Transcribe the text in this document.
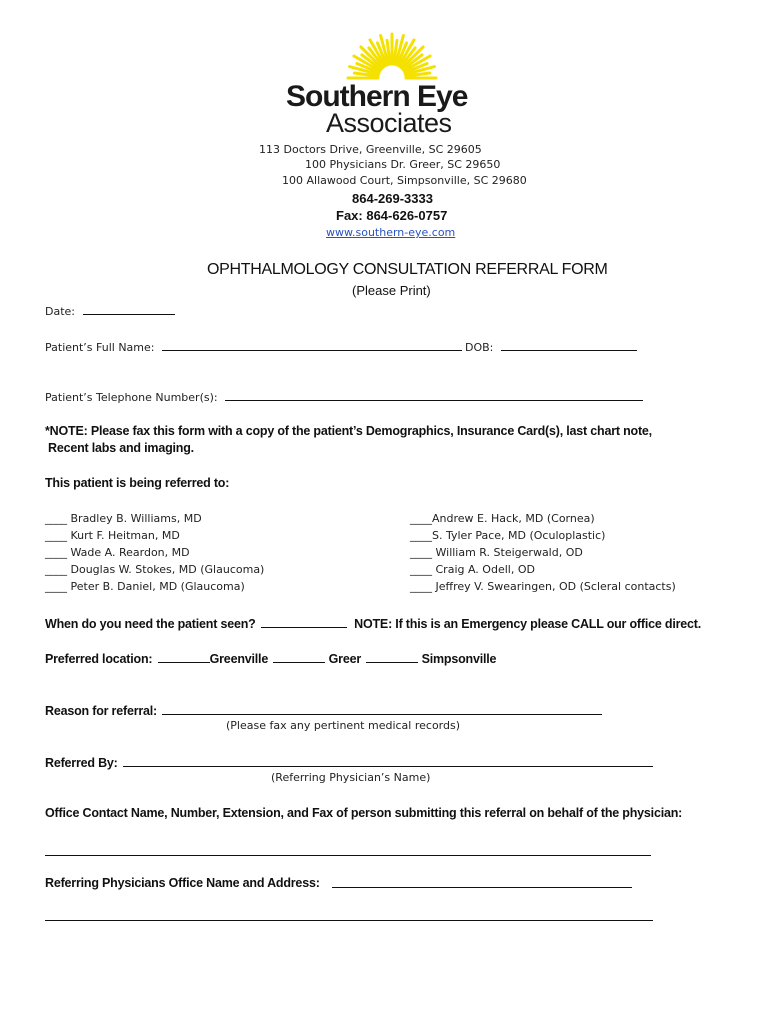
Southern Eye
Associates
113 Doctors Drive, Greenville, SC 29605
100 Physicians Dr. Greer, SC 29650
100 Allawood Court, Simpsonville, SC 29680
864-269-3333
Fax: 864-626-0757
www.southern-eye.com
OPHTHALMOLOGY CONSULTATION REFERRAL FORM
(Please Print)
Date:
Patient’s Full Name:	DOB:
Patient’s Telephone Number(s):
*NOTE: Please fax this form with a copy of the patient’s Demographics, Insurance Card(s), last chart note,
Recent labs and imaging.
This patient is being referred to:
____ Bradley B. Williams, MD
____ Kurt F. Heitman, MD
____ Wade A. Reardon, MD
____ Douglas W. Stokes, MD (Glaucoma)
____ Peter B. Daniel, MD (Glaucoma)
____Andrew E. Hack, MD (Cornea)
____S. Tyler Pace, MD (Oculoplastic)
____ William R. Steigerwald, OD
____ Craig A. Odell, OD
____ Jeffrey V. Swearingen, OD (Scleral contacts)
When do you need the patient seen?	NOTE: If this is an Emergency please CALL our office direct.
Preferred location:	Greenville	Greer	Simpsonville
Reason for referral:
(Please fax any pertinent medical records)
Referred By:
(Referring Physician’s Name)
Office Contact Name, Number, Extension, and Fax of person submitting this referral on behalf of the physician:
Referring Physicians Office Name and Address:
